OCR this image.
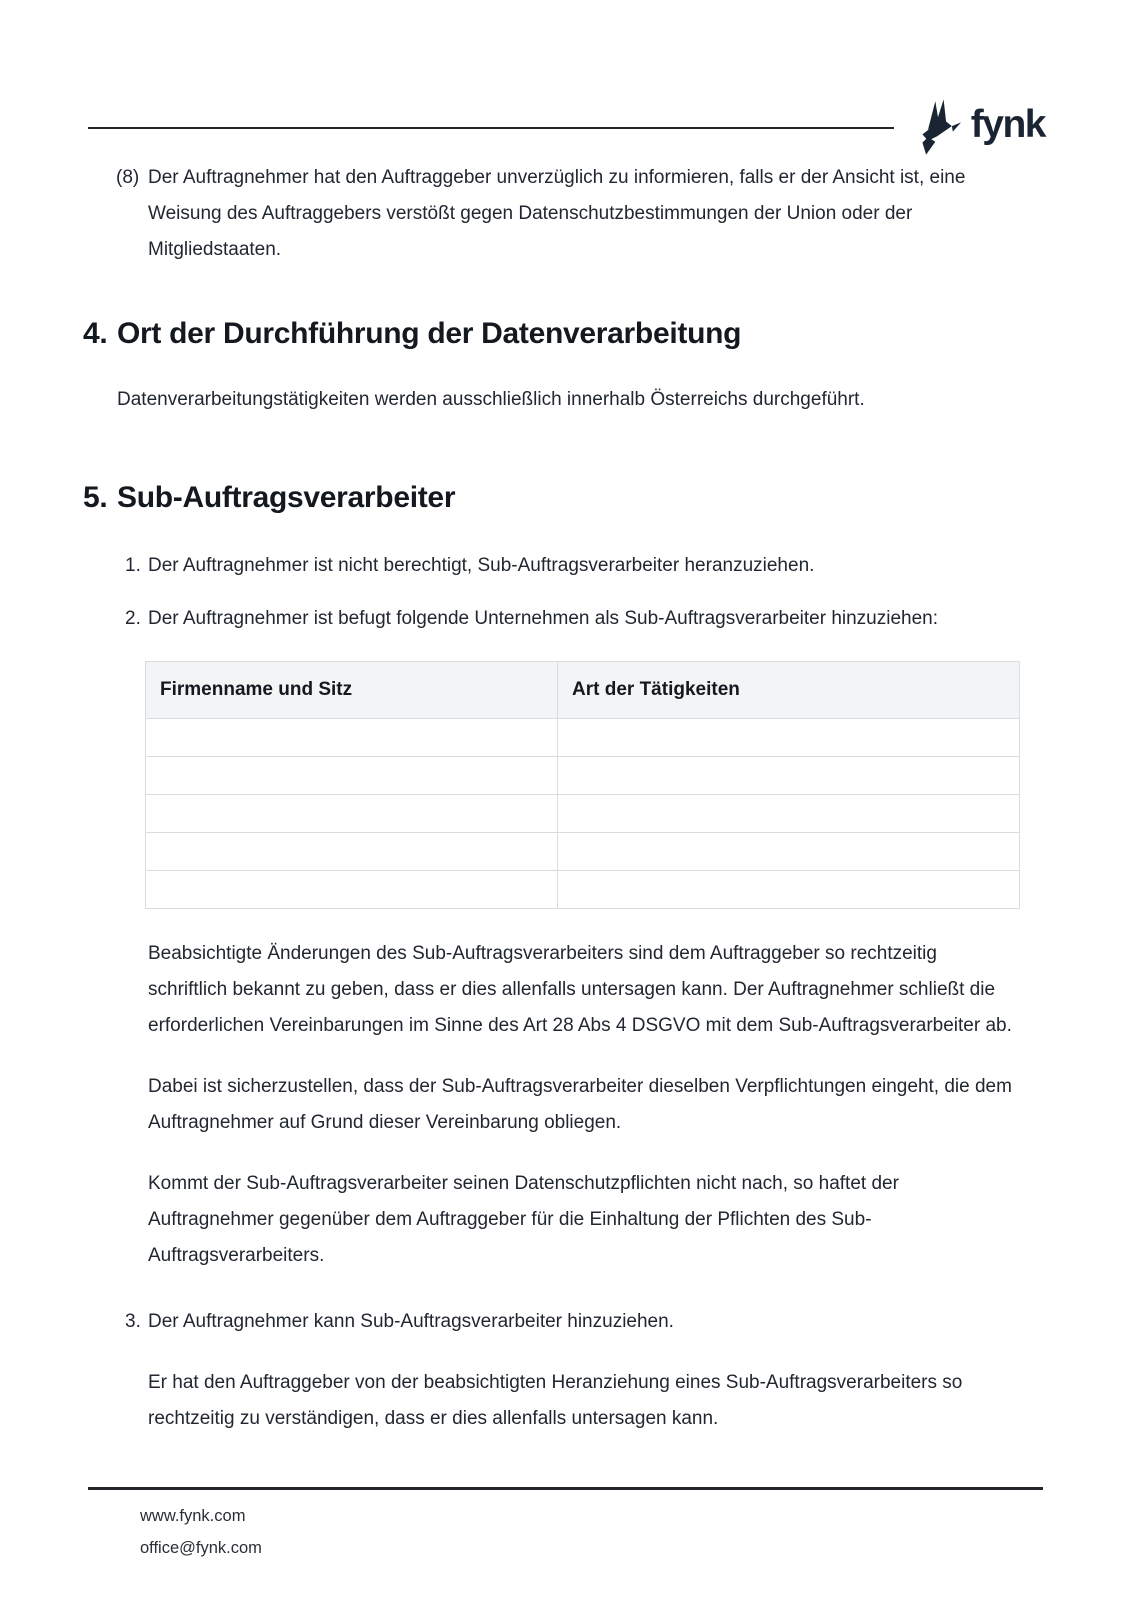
fynk
(8) Der Auftragnehmer hat den Auftraggeber unverzüglich zu informieren, falls er der Ansicht ist, eine Weisung des Auftraggebers verstößt gegen Datenschutzbestimmungen der Union oder der Mitgliedstaaten.
4. Ort der Durchführung der Datenverarbeitung

Datenverarbeitungstätigkeiten werden ausschließlich innerhalb Österreichs durchgeführt.

5. Sub-Auftragsverarbeiter
1. Der Auftragnehmer ist nicht berechtigt, Sub-Auftragsverarbeiter heranzuziehen.
2. Der Auftragnehmer ist befugt folgende Unternehmen als Sub-Auftragsverarbeiter hinzuziehen:
Firmenname und Sitz	Art der Tätigkeiten

Beabsichtigte Änderungen des Sub-Auftragsverarbeiters sind dem Auftraggeber so rechtzeitig schriftlich bekannt zu geben, dass er dies allenfalls untersagen kann. Der Auftragnehmer schließt die erforderlichen Vereinbarungen im Sinne des Art 28 Abs 4 DSGVO mit dem Sub-Auftragsverarbeiter ab.

Dabei ist sicherzustellen, dass der Sub-Auftragsverarbeiter dieselben Verpflichtungen eingeht, die dem Auftragnehmer auf Grund dieser Vereinbarung obliegen.

Kommt der Sub-Auftragsverarbeiter seinen Datenschutzpflichten nicht nach, so haftet der Auftragnehmer gegenüber dem Auftraggeber für die Einhaltung der Pflichten des Sub-Auftragsverarbeiters.

3. Der Auftragnehmer kann Sub-Auftragsverarbeiter hinzuziehen.

Er hat den Auftraggeber von der beabsichtigten Heranziehung eines Sub-Auftragsverarbeiters so rechtzeitig zu verständigen, dass er dies allenfalls untersagen kann.

www.fynk.com
office@fynk.com
